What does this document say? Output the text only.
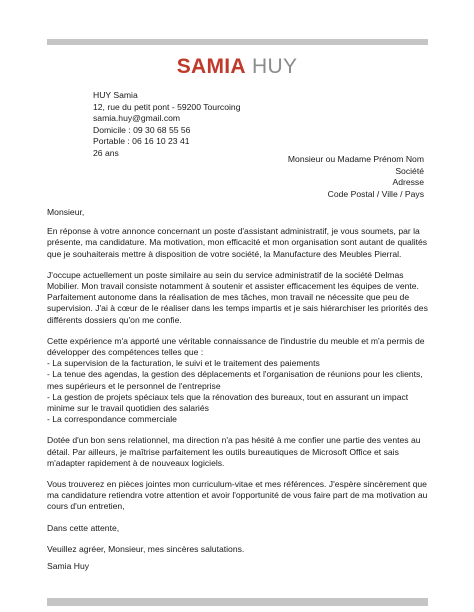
SAMIA HUY
HUY Samia
12, rue du petit pont - 59200 Tourcoing
samia.huy@gmail.com
Domicile : 09 30 68 55 56
Portable : 06 16 10 23 41
26 ans
Monsieur ou Madame Prénom Nom
Société
Adresse
Code Postal / Ville / Pays

Monsieur,

En réponse à votre annonce concernant un poste d'assistant administratif, je vous soumets, par la présente, ma candidature. Ma motivation, mon efficacité et mon organisation sont autant de qualités que je souhaiterais mettre à disposition de votre société, la Manufacture des Meubles Pierral.

J'occupe actuellement un poste similaire au sein du service administratif de la société Delmas Mobilier. Mon travail consiste notamment à soutenir et assister efficacement les équipes de vente. Parfaitement autonome dans la réalisation de mes tâches, mon travail ne nécessite que peu de supervision. J'ai à cœur de le réaliser dans les temps impartis et je sais hiérarchiser les priorités des différents dossiers qu'on me confie.

Cette expérience m'a apporté une véritable connaissance de l'industrie du meuble et m'a permis de développer des compétences telles que :

- La supervision de la facturation, le suivi et le traitement des paiements
- La tenue des agendas, la gestion des déplacements et l'organisation de réunions pour les clients, mes supérieurs et le personnel de l'entreprise
- La gestion de projets spéciaux tels que la rénovation des bureaux, tout en assurant un impact minime sur le travail quotidien des salariés
- La correspondance commerciale

Dotée d'un bon sens relationnel, ma direction n'a pas hésité à me confier une partie des ventes au détail. Par ailleurs, je maîtrise parfaitement les outils bureautiques de Microsoft Office et sais m'adapter rapidement à de nouveaux logiciels.

Vous trouverez en pièces jointes mon curriculum-vitae et mes références. J'espère sincèrement que ma candidature retiendra votre attention et avoir l'opportunité de vous faire part de ma motivation au cours d'un entretien,

Dans cette attente,

Veuillez agréer, Monsieur, mes sincères salutations.

Samia Huy
